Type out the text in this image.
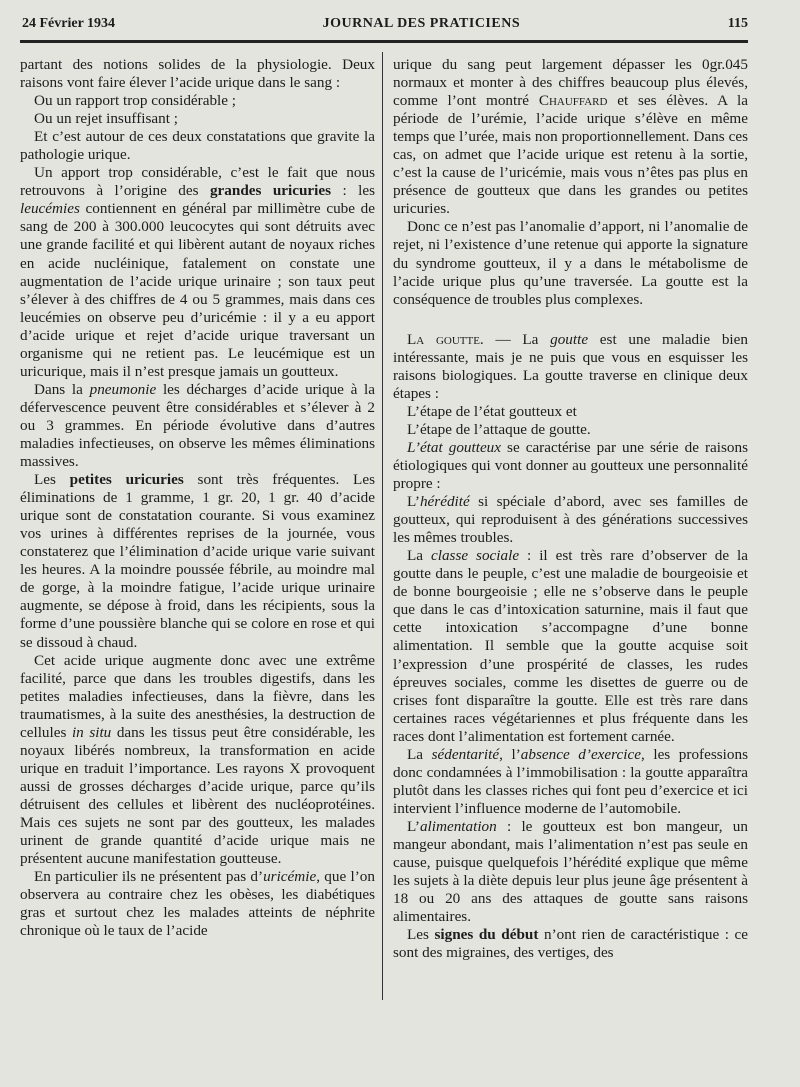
24 Février 1934	JOURNAL DES PRATICIENS	115

partant des notions solides de la physiologie. Deux raisons vont faire élever l’acide urique dans le sang :

Ou un rapport trop considérable ;

Ou un rejet insuffisant ;

Et c’est autour de ces deux constatations que gravite la pathologie urique.

Un apport trop considérable, c’est le fait que nous retrouvons à l’origine des grandes uricuries : les leucémies contiennent en général par millimètre cube de sang de 200 à 300.000 leucocytes qui sont détruits avec une grande facilité et qui libèrent autant de noyaux riches en acide nucléinique, fatalement on constate une augmentation de l’acide urique urinaire ; son taux peut s’élever à des chiffres de 4 ou 5 grammes, mais dans ces leucémies on observe peu d’uricémie : il y a eu apport d’acide urique et rejet d’acide urique traversant un organisme qui ne retient pas. Le leucémique est un uricurique, mais il n’est presque jamais un goutteux.

Dans la pneumonie les décharges d’acide urique à la défervescence peuvent être considérables et s’élever à 2 ou 3 grammes. En période évolutive dans d’autres maladies infectieuses, on observe les mêmes éliminations massives.

Les petites uricuries sont très fréquentes. Les éliminations de 1 gramme, 1 gr. 20, 1 gr. 40 d’acide urique sont de constatation courante. Si vous examinez vos urines à différentes reprises de la journée, vous constaterez que l’élimination d’acide urique varie suivant les heures. A la moindre poussée fébrile, au moindre mal de gorge, à la moindre fatigue, l’acide urique urinaire augmente, se dépose à froid, dans les récipients, sous la forme d’une poussière blanche qui se colore en rose et qui se dissoud à chaud.

Cet acide urique augmente donc avec une extrême facilité, parce que dans les troubles digestifs, dans les petites maladies infectieuses, dans la fièvre, dans les traumatismes, à la suite des anesthésies, la destruction de cellules in situ dans les tissus peut être considérable, les noyaux libérés nombreux, la transformation en acide urique en traduit l’importance. Les rayons X provoquent aussi de grosses décharges d’acide urique, parce qu’ils détruisent des cellules et libèrent des nucléoprotéines. Mais ces sujets ne sont par des goutteux, les malades urinent de grande quantité d’acide urique mais ne présentent aucune manifestation goutteuse.

En particulier ils ne présentent pas d’uricémie, que l’on observera au contraire chez les obèses, les diabétiques gras et surtout chez les malades atteints de néphrite chronique où le taux de l’acide

urique du sang peut largement dépasser les 0gr.045 normaux et monter à des chiffres beaucoup plus élevés, comme l’ont montré Chauffard et ses élèves. A la période de l’urémie, l’acide urique s’élève en même temps que l’urée, mais non proportionnellement. Dans ces cas, on admet que l’acide urique est retenu à la sortie, c’est la cause de l’uricémie, mais vous n’êtes pas plus en présence de goutteux que dans les grandes ou petites uricuries.

Donc ce n’est pas l’anomalie d’apport, ni l’anomalie de rejet, ni l’existence d’une retenue qui apporte la signature du syndrome goutteux, il y a dans le métabolisme de l’acide urique plus qu’une traversée. La goutte est la conséquence de troubles plus complexes.

La goutte. — La goutte est une maladie bien intéressante, mais je ne puis que vous en esquisser les raisons biologiques. La goutte traverse en clinique deux étapes :

L’étape de l’état goutteux et

L’étape de l’attaque de goutte.

L’état goutteux se caractérise par une série de raisons étiologiques qui vont donner au goutteux une personnalité propre :

L’hérédité si spéciale d’abord, avec ses familles de goutteux, qui reproduisent à des générations successives les mêmes troubles.

La classe sociale : il est très rare d’observer de la goutte dans le peuple, c’est une maladie de bourgeoisie et de bonne bourgeoisie ; elle ne s’observe dans le peuple que dans le cas d’intoxication saturnine, mais il faut que cette intoxication s’accompagne d’une bonne alimentation. Il semble que la goutte acquise soit l’expression d’une prospérité de classes, les rudes épreuves sociales, comme les disettes de guerre ou de crises font disparaître la goutte. Elle est très rare dans certaines races végétariennes et plus fréquente dans les races dont l’alimentation est fortement carnée.

La sédentarité, l’absence d’exercice, les professions donc condamnées à l’immobilisation : la goutte apparaîtra plutôt dans les classes riches qui font peu d’exercice et ici intervient l’influence moderne de l’automobile.

L’alimentation : le goutteux est bon mangeur, un mangeur abondant, mais l’alimentation n’est pas seule en cause, puisque quelquefois l’hérédité explique que même les sujets à la diète depuis leur plus jeune âge présentent à 18 ou 20 ans des attaques de goutte sans raisons alimentaires.

Les signes du début n’ont rien de caractéristique : ce sont des migraines, des vertiges, des
